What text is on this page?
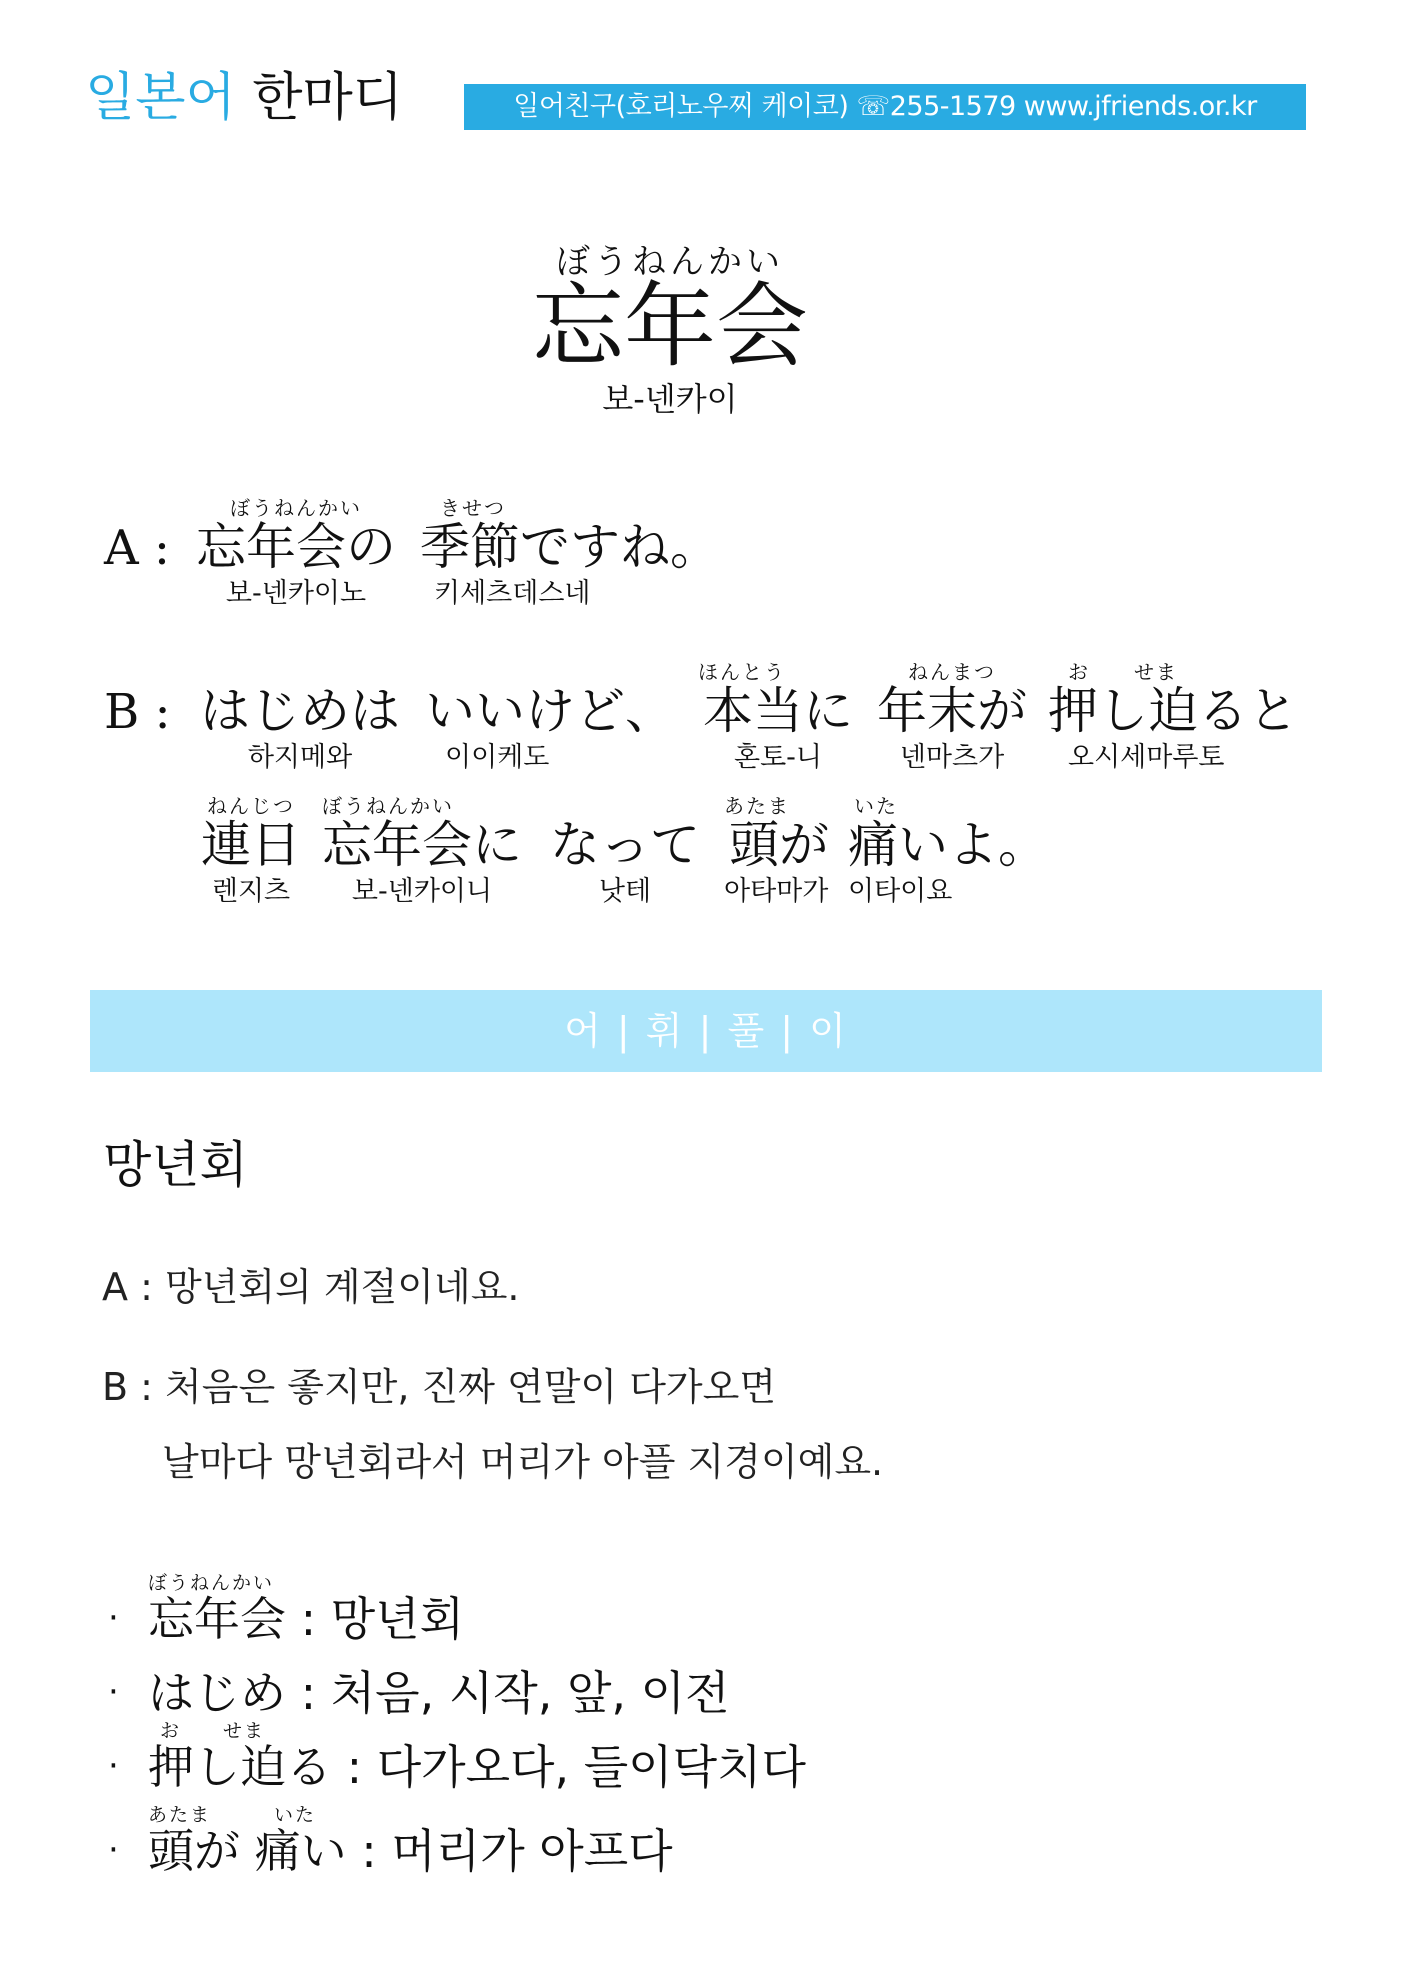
일본어 한마디	일어친구(호리노우찌 케이코) ☏255-1579 www.jfriends.or.kr
ぼうねんかい
忘年会
보-넨카이
A :
ぼうねんかい
忘年会の
보-넨카이노
きせつ
季節ですね。
키세츠데스네
B : はじめは
하지메와
いいけど、
이이케도
ほんとう
本当に
혼토-니
ねんまつ
年末が
넨마츠가
お　　せま
押し迫ると
오시세마루토
ねんじつ
連日
렌지츠
ぼうねんかい
忘年会に
보-넨카이니
なって
낫테
あたま
頭が
아타마가
いた
痛いよ。
이타이요
어 | 휘 | 풀 | 이
망년회
A : 망년회의 계절이네요.
B : 처음은 좋지만, 진짜 연말이 다가오면
날마다 망년회라서 머리가 아플 지경이예요.
·
ぼうねんかい
忘年会 : 망년회
· はじめ : 처음, 시작, 앞, 이전
·
お　　せま
押し迫る : 다가오다, 들이닥치다
·
あたま　　　いた
頭が 痛い : 머리가 아프다
